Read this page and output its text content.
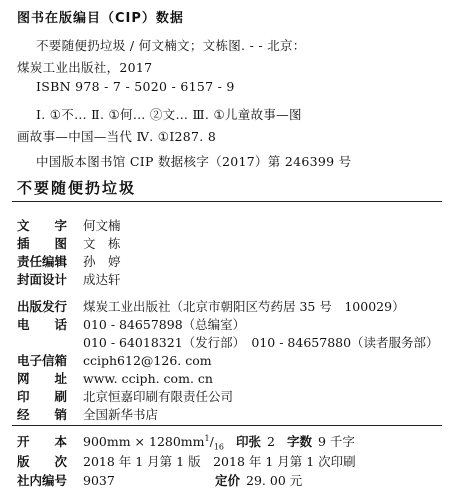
图书在版编目（CIP）数据
不要随便扔垃圾 / 何文楠文；文栋图. - - 北京：
煤炭工业出版社，2017
ISBN 978 - 7 - 5020 - 6157 - 9
Ⅰ. ①不… Ⅱ. ①何… ②文… Ⅲ. ①儿童故事—图
画故事—中国—当代 Ⅳ. ①I287. 8
中国版本图书馆 CIP 数据核字（2017）第 246399 号
不要随便扔垃圾
文　　字 何文楠
插　　图 文　栋
责任编辑 孙　婷
封面设计 成达轩
出版发行 煤炭工业出版社（北京市朝阳区芍药居 35 号　100029）
电　　话 010 - 84657898（总编室）
010 - 64018321（发行部）　010 - 84657880（读者服务部）
电子信箱 cciph612@126. com
网　　址 www. cciph. com. cn
印　　刷 北京恒嘉印刷有限责任公司
经　　销 全国新华书店
开　　本 $900mm \times 1280mm^1/_{16}$ 印张 2 字数 9 千字
版　　次 2018 年 1 月第 1 版　2018 年 1 月第 1 次印刷
社内编号 9037	定价 29. 00 元
